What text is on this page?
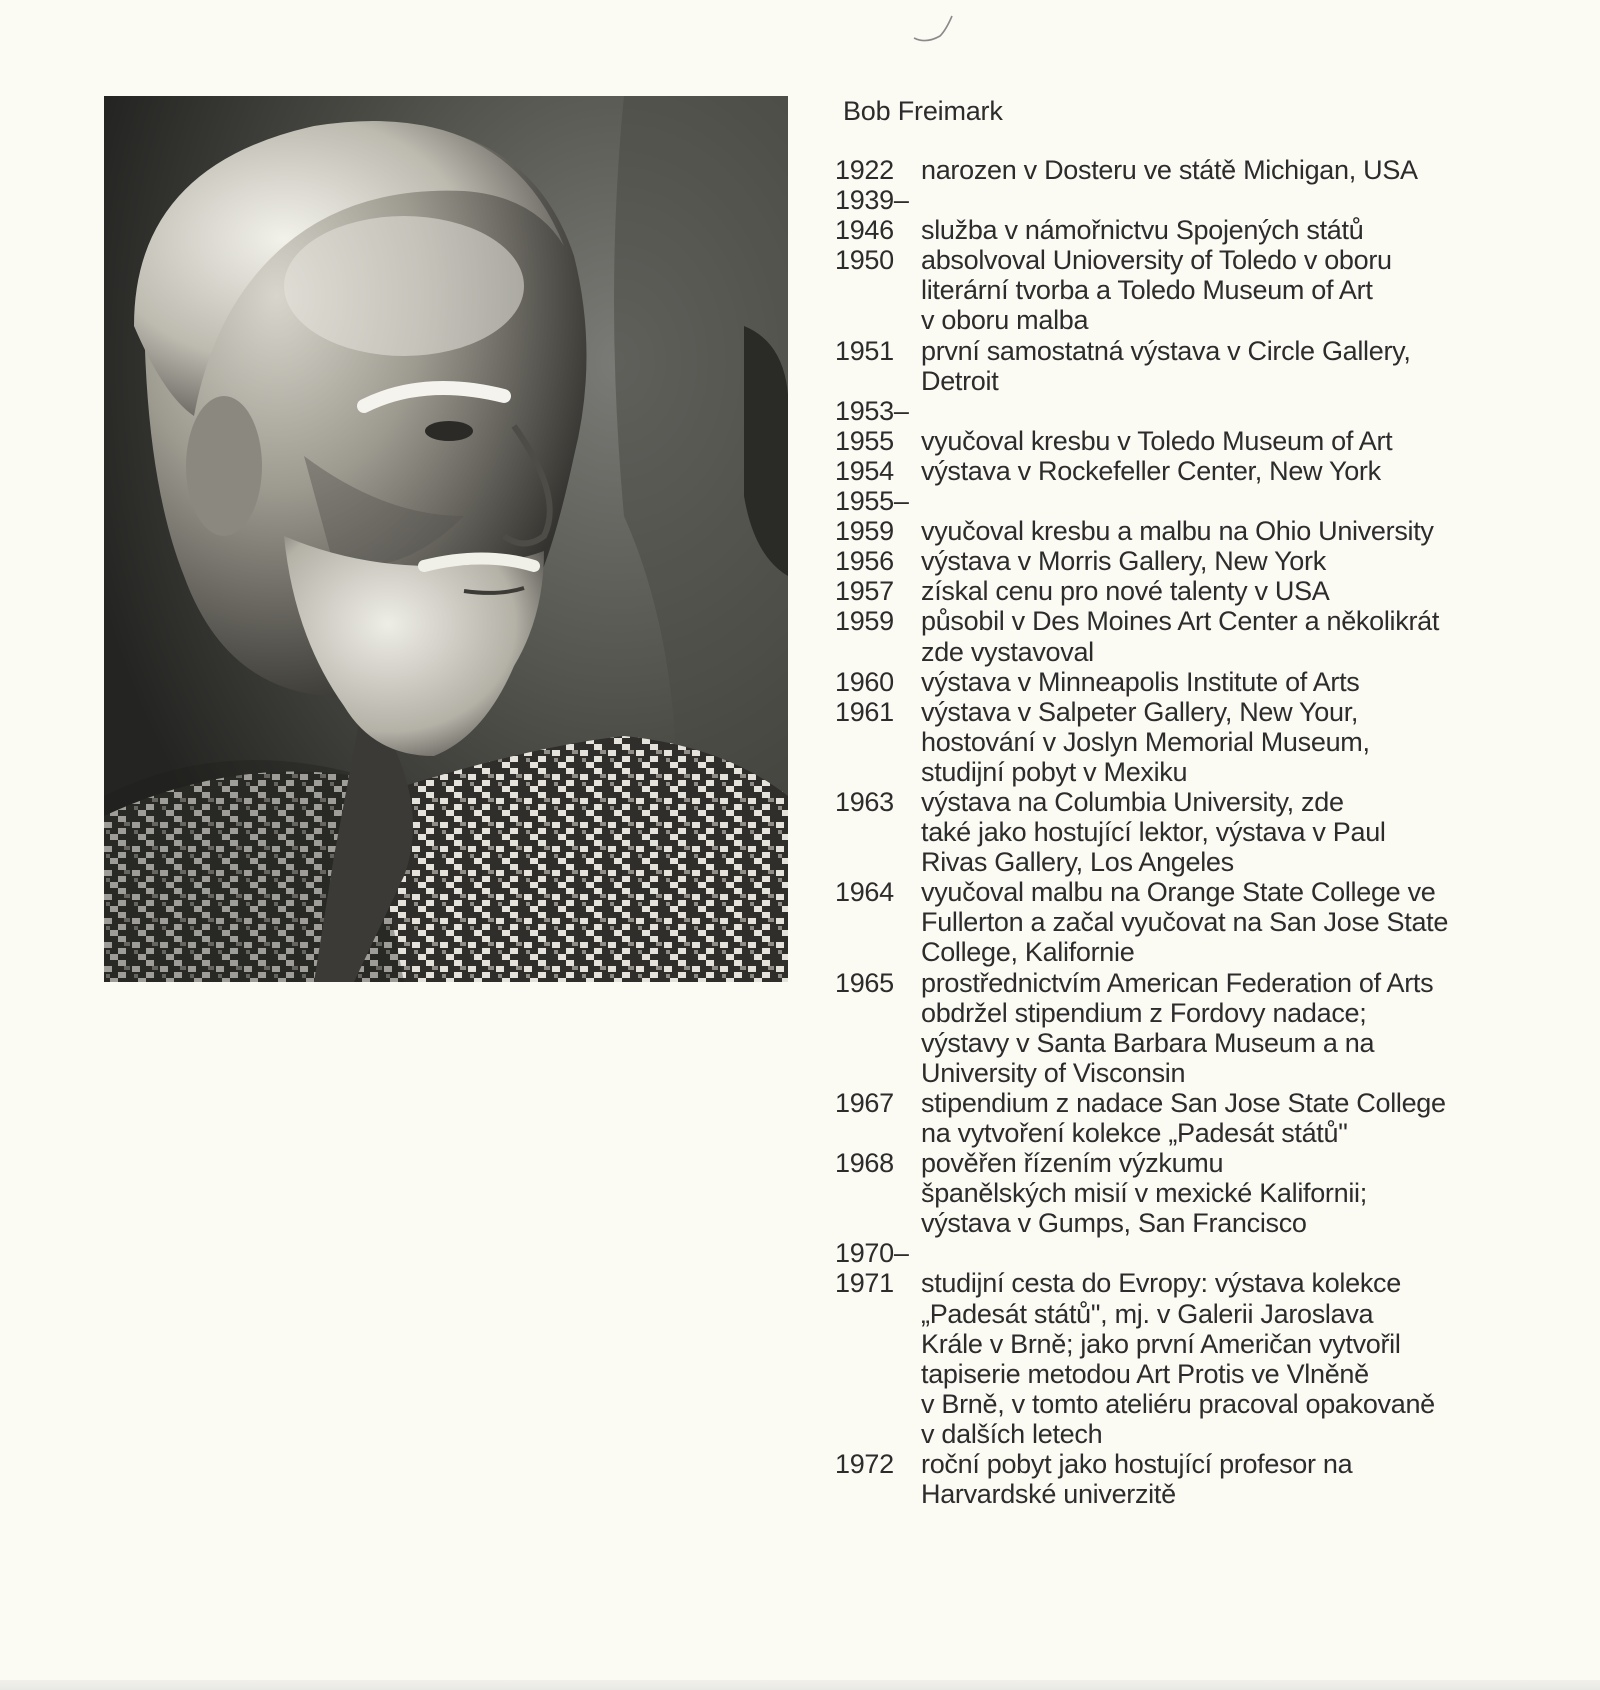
Bob Freimark
1922	narozen v Dosteru ve státě Michigan, USA
1939–
1946	služba v námořnictvu Spojených států
1950	absolvoval Unioversity of Toledo v oboru
literární tvorba a Toledo Museum of Art
v oboru malba
1951	první samostatná výstava v Circle Gallery,
Detroit
1953–
1955	vyučoval kresbu v Toledo Museum of Art
1954	výstava v Rockefeller Center, New York
1955–
1959	vyučoval kresbu a malbu na Ohio University
1956	výstava v Morris Gallery, New York
1957	získal cenu pro nové talenty v USA
1959	působil v Des Moines Art Center a několikrát
zde vystavoval
1960	výstava v Minneapolis Institute of Arts
1961	výstava v Salpeter Gallery, New Your,
hostování v Joslyn Memorial Museum,
studijní pobyt v Mexiku
1963	výstava na Columbia University, zde
také jako hostující lektor, výstava v Paul
Rivas Gallery, Los Angeles
1964	vyučoval malbu na Orange State College ve
Fullerton a začal vyučovat na San Jose State
College, Kalifornie
1965	prostřednictvím American Federation of Arts
obdržel stipendium z Fordovy nadace;
výstavy v Santa Barbara Museum a na
University of Visconsin
1967	stipendium z nadace San Jose State College
na vytvoření kolekce „Padesát států"
1968	pověřen řízením výzkumu
španělských misií v mexické Kalifornii;
výstava v Gumps, San Francisco
1970–
1971	studijní cesta do Evropy: výstava kolekce
„Padesát států", mj. v Galerii Jaroslava
Krále v Brně; jako první Američan vytvořil
tapiserie metodou Art Protis ve Vlněně
v Brně, v tomto ateliéru pracoval opakovaně
v dalších letech
1972	roční pobyt jako hostující profesor na
Harvardské univerzitě
